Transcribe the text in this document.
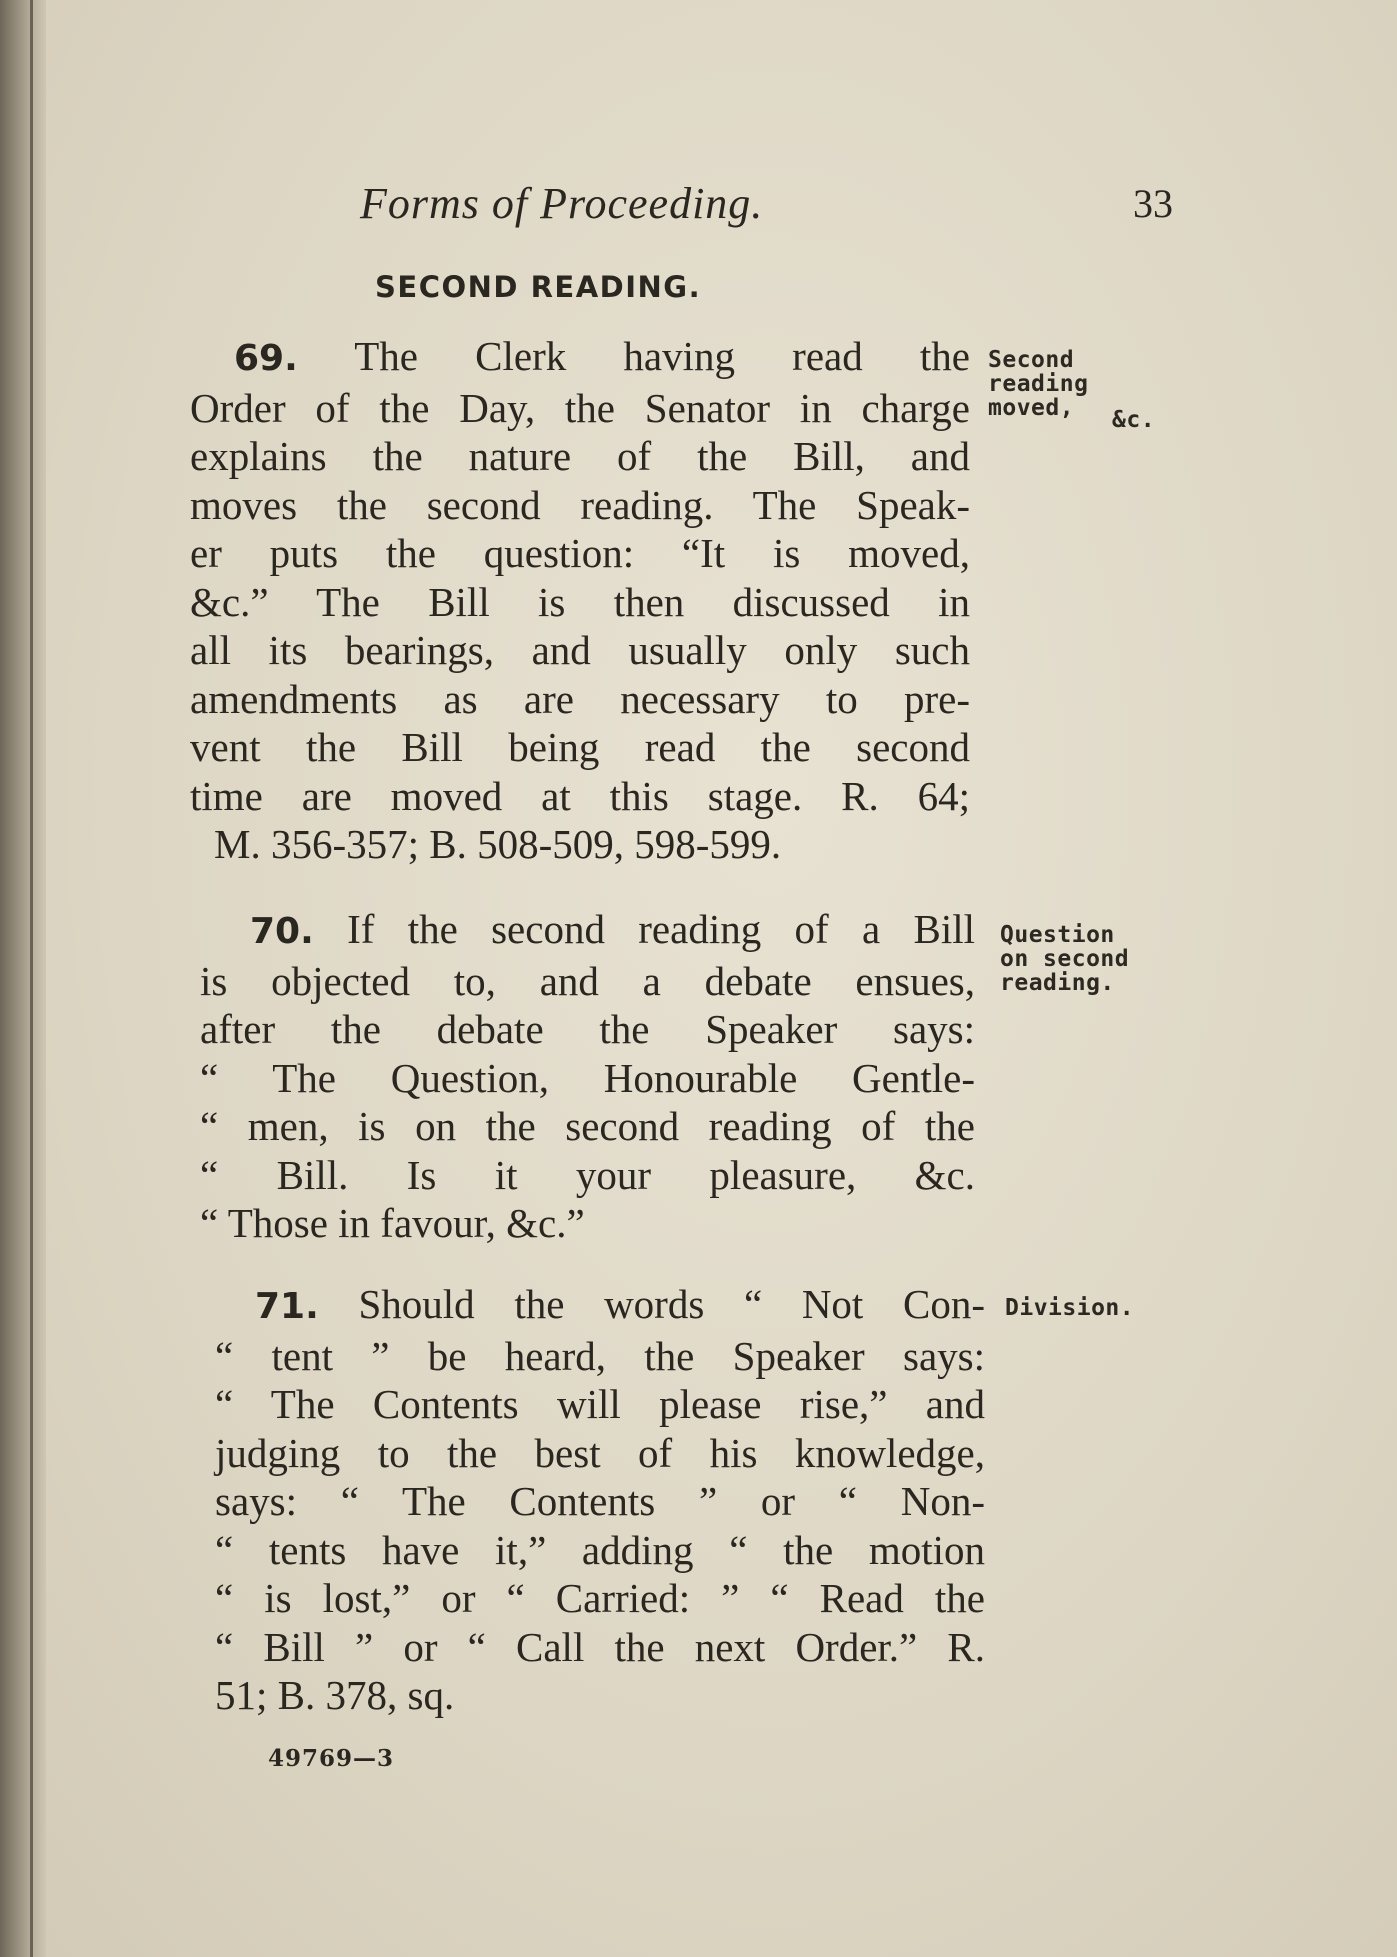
Forms of Proceeding.	33
SECOND READING.
69. The Clerk having read the
Order of the Day, the Senator in charge
explains the nature of the Bill, and
moves the second reading. The Speak-
er puts the question: “It is moved,
&c.” The Bill is then discussed in
all its bearings, and usually only such
amendments as are necessary to pre-
vent the Bill being read the second
time are moved at this stage. R. 64;
M. 356-357; B. 508-509, 598-599.
Second
reading
moved,	&c.
70. If the second reading of a Bill
is objected to, and a debate ensues,
after the debate the Speaker says:
“ The Question, Honourable Gentle-
“ men, is on the second reading of the
“ Bill. Is it your pleasure, &c.
“ Those in favour, &c.”
Question
on second
reading.
71. Should the words “ Not Con-
“ tent ” be heard, the Speaker says:
“ The Contents will please rise,” and
judging to the best of his knowledge,
says: “ The Contents ” or “ Non-
“ tents have it,” adding “ the motion
“ is lost,” or “ Carried: ” “ Read the
“ Bill ” or “ Call the next Order.” R.
51; B. 378, sq.
Division.
49769—3
